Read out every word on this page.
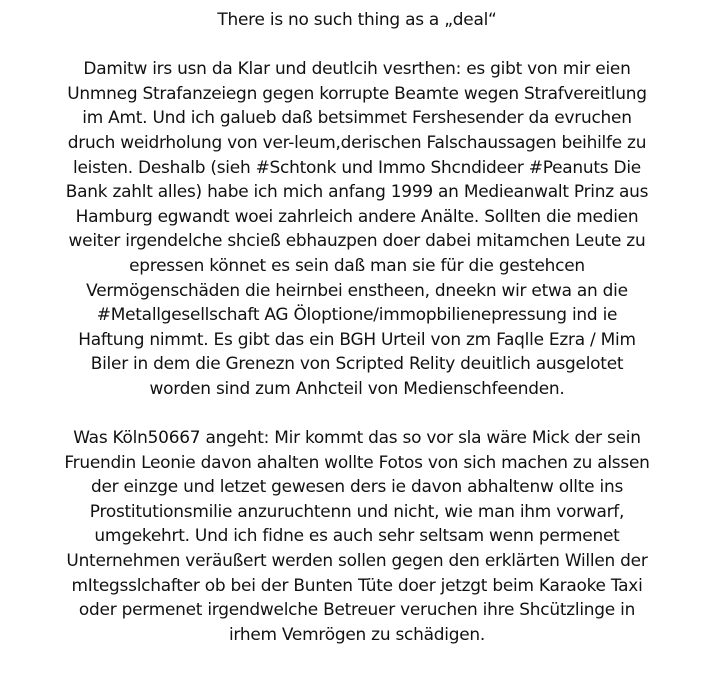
There is no such thing as a „deal“
Damitw irs usn da Klar und deutlcih vesrthen: es gibt von mir eien
Unmneg Strafanzeiegn gegen korrupte Beamte wegen Strafvereitlung
im Amt. Und ich galueb daß betsimmet Fershesender da evruchen
druch weidrholung von ver-leum,derischen Falschaussagen beihilfe zu
leisten. Deshalb (sieh #Schtonk und Immo Shcndideer #Peanuts Die
Bank zahlt alles) habe ich mich anfang 1999 an Medieanwalt Prinz aus
Hamburg egwandt woei zahrleich andere Anälte. Sollten die medien
weiter irgendelche shcieß ebhauzpen doer dabei mitamchen Leute zu
epressen könnet es sein daß man sie für die gestehcen
Vermögenschäden die heirnbei enstheen, dneekn wir etwa an die
#Metallgesellschaft AG Öloptione/immopbilienepressung ind ie
Haftung nimmt. Es gibt das ein BGH Urteil von zm Faqlle Ezra / Mim
Biler in dem die Grenezn von Scripted Relity deuitlich ausgelotet
worden sind zum Anhcteil von Medienschfeenden.
Was Köln50667 angeht: Mir kommt das so vor sla wäre Mick der sein
Fruendin Leonie davon ahalten wollte Fotos von sich machen zu alssen
der einzge und letzet gewesen ders ie davon abhaltenw ollte ins
Prostitutionsmilie anzuruchtenn und nicht, wie man ihm vorwarf,
umgekehrt. Und ich fidne es auch sehr seltsam wenn permenet
Unternehmen veräußert werden sollen gegen den erklärten Willen der
mItegsslchafter ob bei der Bunten Tüte doer jetzgt beim Karaoke Taxi
oder permenet irgendwelche Betreuer veruchen ihre Shcützlinge in
irhem Vemrögen zu schädigen.
